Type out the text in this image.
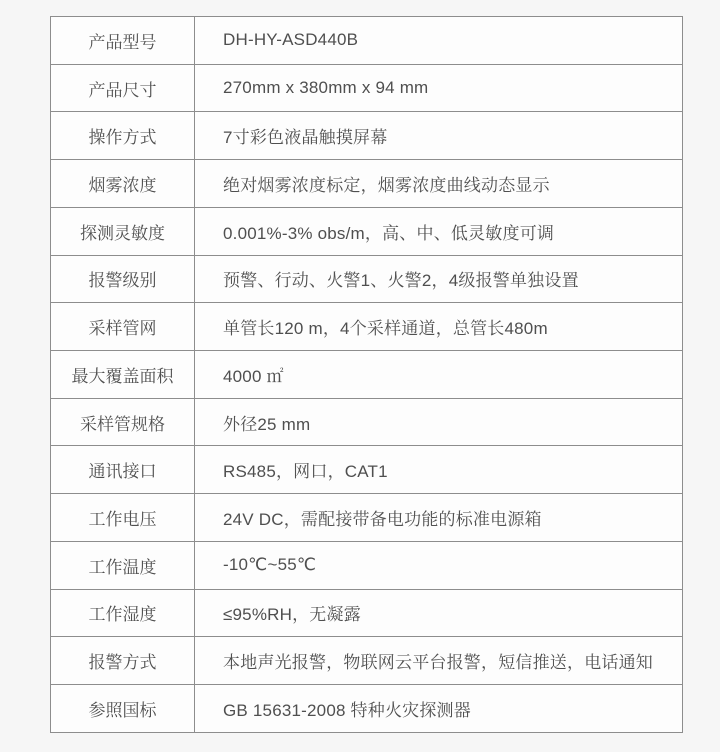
产品型号	DH-HY-ASD440B
产品尺寸	270mm x 380mm x 94 mm
操作方式	7寸彩色液晶触摸屏幕
烟雾浓度	绝对烟雾浓度标定，烟雾浓度曲线动态显示
探测灵敏度	0.001%-3% obs/m，高、中、低灵敏度可调
报警级别	预警、行动、火警1、火警2，4级报警单独设置
采样管网	单管长120 m，4个采样通道，总管长480m
最大覆盖面积	4000 ㎡
采样管规格	外径25 mm
通讯接口	RS485，网口，CAT1
工作电压	24V DC，需配接带备电功能的标准电源箱
工作温度	-10℃~55℃
工作湿度	≤95%RH，无凝露
报警方式	本地声光报警，物联网云平台报警，短信推送，电话通知
参照国标	GB 15631-2008 特种火灾探测器
